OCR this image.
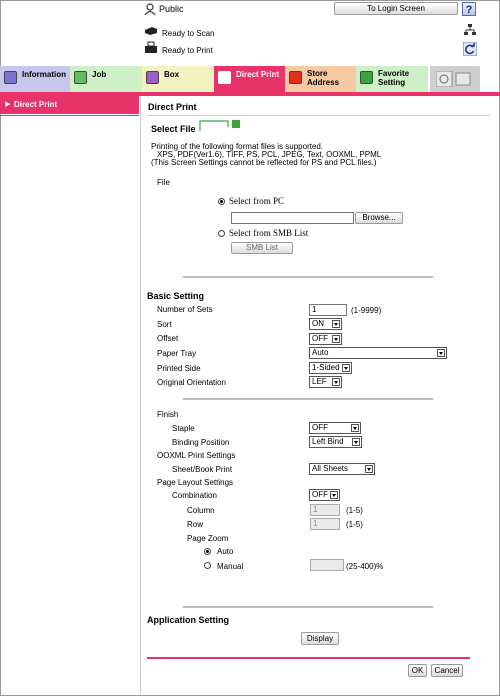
Public	To Login Screen	?
Ready to Scan
Ready to Print
Information	Job	Box	Direct Print	Store
Address
Favorite
Setting
▶ Direct Print	Direct Print
Select File
Printing of the following format files is supported.
XPS, PDF(Ver1.6), TIFF, PS, PCL, JPEG, Text, OOXML, PPML
(This Screen Settings cannot be reflected for PS and PCL files.)
File
Select from PC
Browse...
Select from SMB List
SMB List
Basic Setting
Number of Sets	1	(1-9999)
Sort	ON
Offset	OFF
Paper Tray	Auto
Printed Side	1-Sided
Original Orientation	LEF
Finish
Staple	OFF
Binding Position	Left Bind
OOXML Print Settings
Sheet/Book Print	All Sheets
Page Layout Settings
Combination	OFF
Column	1	(1-5)
Row	1	(1-5)
Page Zoom
Auto
Manual	(25-400)%
Application Setting
Display
OK	Cancel
